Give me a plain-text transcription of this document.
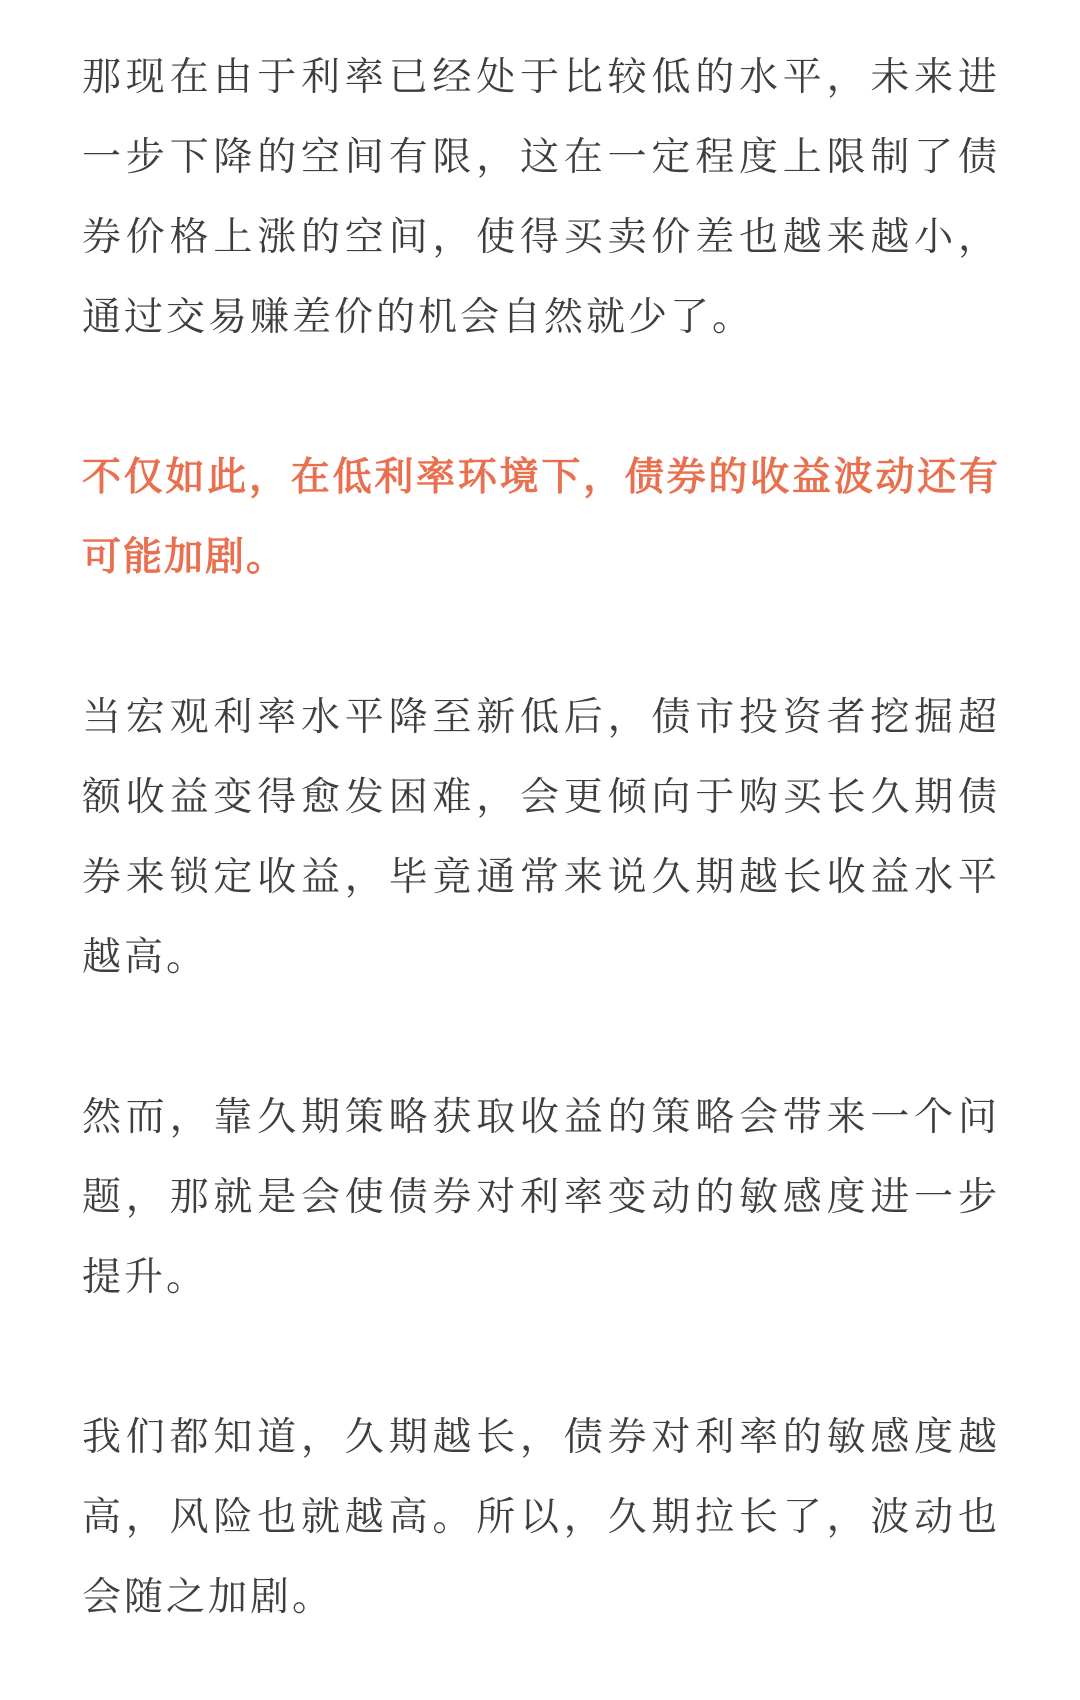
那现在由于利率已经处于比较低的水平，未来进一步下降的空间有限，这在一定程度上限制了债券价格上涨的空间，使得买卖价差也越来越小，通过交易赚差价的机会自然就少了。

不仅如此，在低利率环境下，债券的收益波动还有可能加剧。

当宏观利率水平降至新低后，债市投资者挖掘超额收益变得愈发困难，会更倾向于购买长久期债券来锁定收益，毕竟通常来说久期越长收益水平越高。

然而，靠久期策略获取收益的策略会带来一个问题，那就是会使债券对利率变动的敏感度进一步提升。

我们都知道，久期越长，债券对利率的敏感度越高，风险也就越高。所以，久期拉长了，波动也会随之加剧。
